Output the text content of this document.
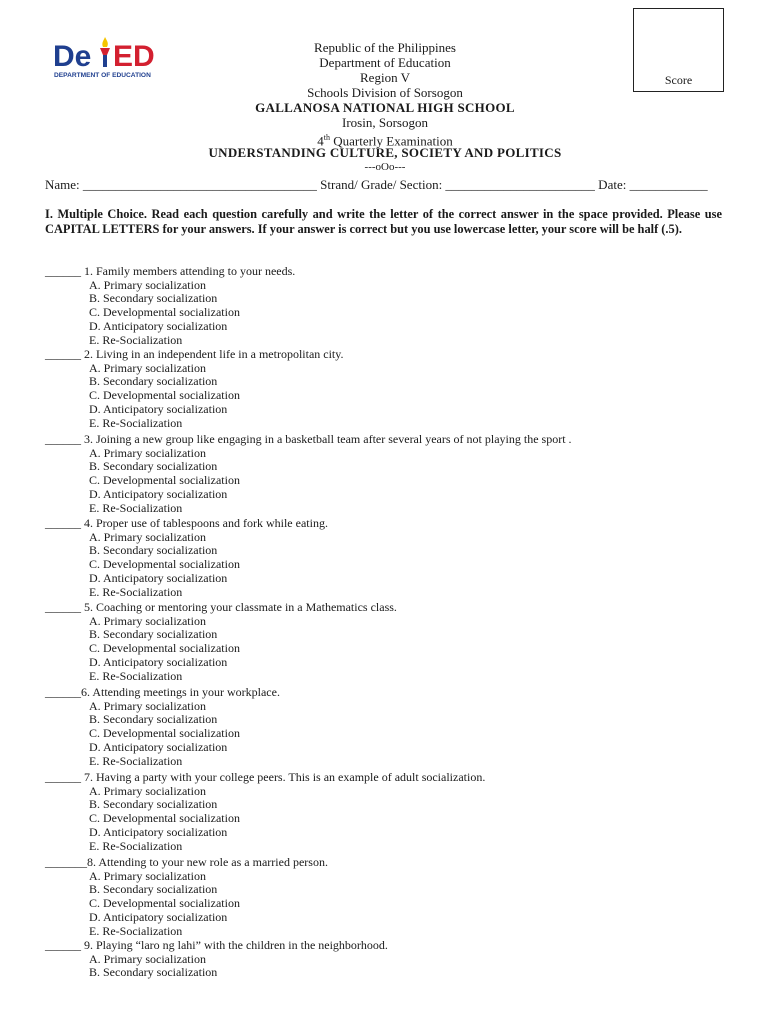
De ED
DEPARTMENT OF EDUCATION	Score
Republic of the Philippines
Department of Education
Region V
Schools Division of Sorsogon
GALLANOSA NATIONAL HIGH SCHOOL
Irosin, Sorsogon
4th Quarterly Examination
UNDERSTANDING CULTURE, SOCIETY AND POLITICS
---oOo---
Name: ____________________________________ Strand/ Grade/ Section: _______________________ Date: ____________
I. Multiple Choice. Read each question carefully and write the letter of the correct answer in the space provided. Please use CAPITAL LETTERS for your answers. If your answer is correct but you use lowercase letter, your score will be half (.5).
______ 1. Family members attending to your needs.
A. Primary socialization
B. Secondary socialization
C. Developmental socialization
D. Anticipatory socialization
E. Re-Socialization
______ 2. Living in an independent life in a metropolitan city.
A. Primary socialization
B. Secondary socialization
C. Developmental socialization
D. Anticipatory socialization
E. Re-Socialization
______ 3. Joining a new group like engaging in a basketball team after several years of not playing the sport .
A. Primary socialization
B. Secondary socialization
C. Developmental socialization
D. Anticipatory socialization
E. Re-Socialization
______ 4. Proper use of tablespoons and fork while eating.
A. Primary socialization
B. Secondary socialization
C. Developmental socialization
D. Anticipatory socialization
E. Re-Socialization
______ 5. Coaching or mentoring your classmate in a Mathematics class.
A. Primary socialization
B. Secondary socialization
C. Developmental socialization
D. Anticipatory socialization
E. Re-Socialization
______6. Attending meetings in your workplace.
A. Primary socialization
B. Secondary socialization
C. Developmental socialization
D. Anticipatory socialization
E. Re-Socialization
______ 7. Having a party with your college peers. This is an example of adult socialization.
A. Primary socialization
B. Secondary socialization
C. Developmental socialization
D. Anticipatory socialization
E. Re-Socialization
_______8. Attending to your new role as a married person.
A. Primary socialization
B. Secondary socialization
C. Developmental socialization
D. Anticipatory socialization
E. Re-Socialization
______ 9. Playing “laro ng lahi” with the children in the neighborhood.
A. Primary socialization
B. Secondary socialization
